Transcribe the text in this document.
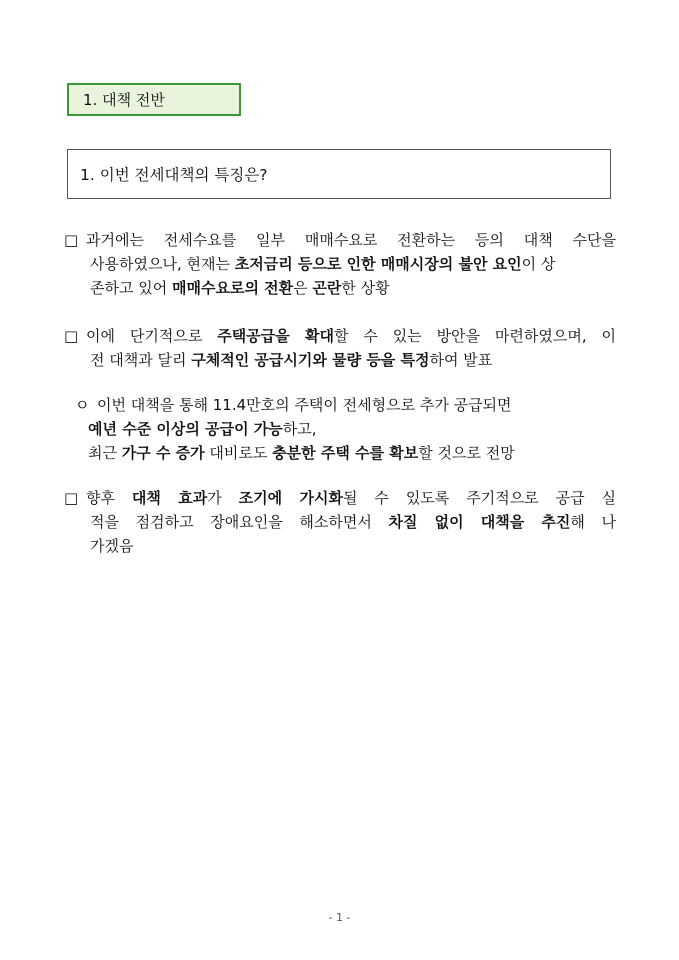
1. 대책 전반
1. 이번 전세대책의 특징은?
□ 과거에는 전세수요를 일부 매매수요로 전환하는 등의 대책 수단을
사용하였으나, 현재는 초저금리 등으로 인한 매매시장의 불안 요인이 상
존하고 있어 매매수요로의 전환은 곤란한 상황
□ 이에 단기적으로 주택공급을 확대할 수 있는 방안을 마련하였으며, 이
전 대책과 달리 구체적인 공급시기와 물량 등을 특정하여 발표
ㅇ 이번 대책을 통해 11.4만호의 주택이 전세형으로 추가 공급되면
예년 수준 이상의 공급이 가능하고,
최근 가구 수 증가 대비로도 충분한 주택 수를 확보할 것으로 전망
□ 향후 대책 효과가 조기에 가시화될 수 있도록 주기적으로 공급 실
적을 점검하고 장애요인을 해소하면서 차질 없이 대책을 추진해 나
가겠음
- 1 -
